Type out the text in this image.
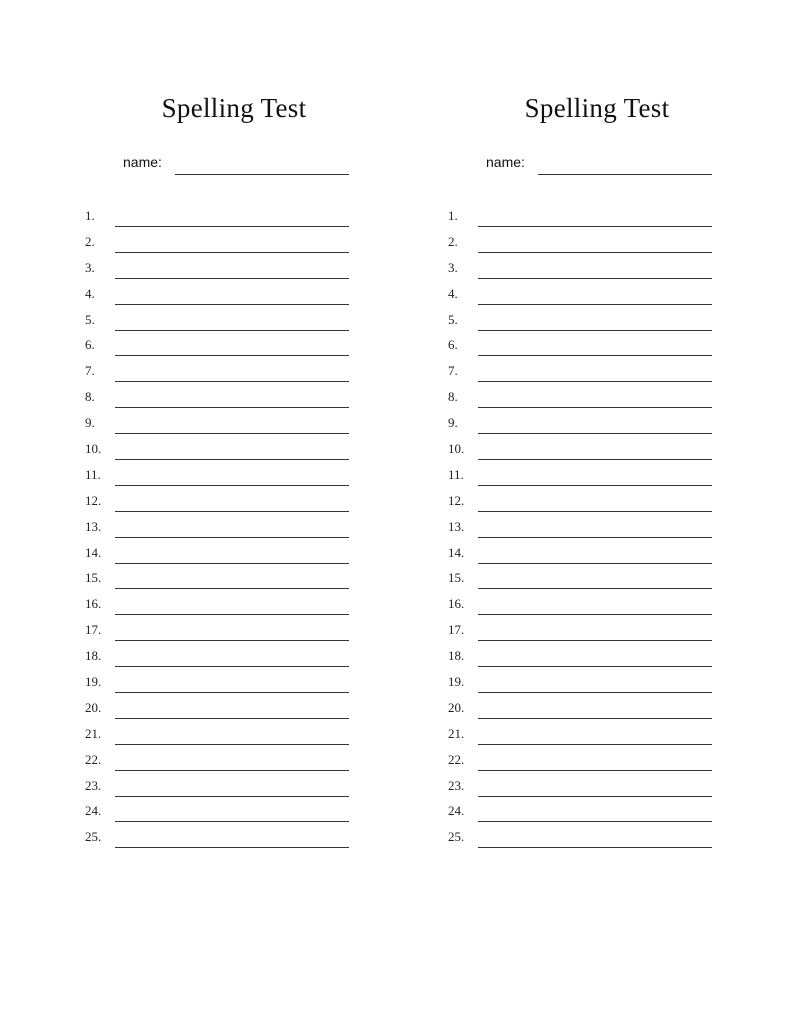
Spelling Test
name:
1.
2.
3.
4.
5.
6.
7.
8.
9.
10.
11.
12.
13.
14.
15.
16.
17.
18.
19.
20.
21.
22.
23.
24.
25.
Spelling Test
name:
1.
2.
3.
4.
5.
6.
7.
8.
9.
10.
11.
12.
13.
14.
15.
16.
17.
18.
19.
20.
21.
22.
23.
24.
25.
